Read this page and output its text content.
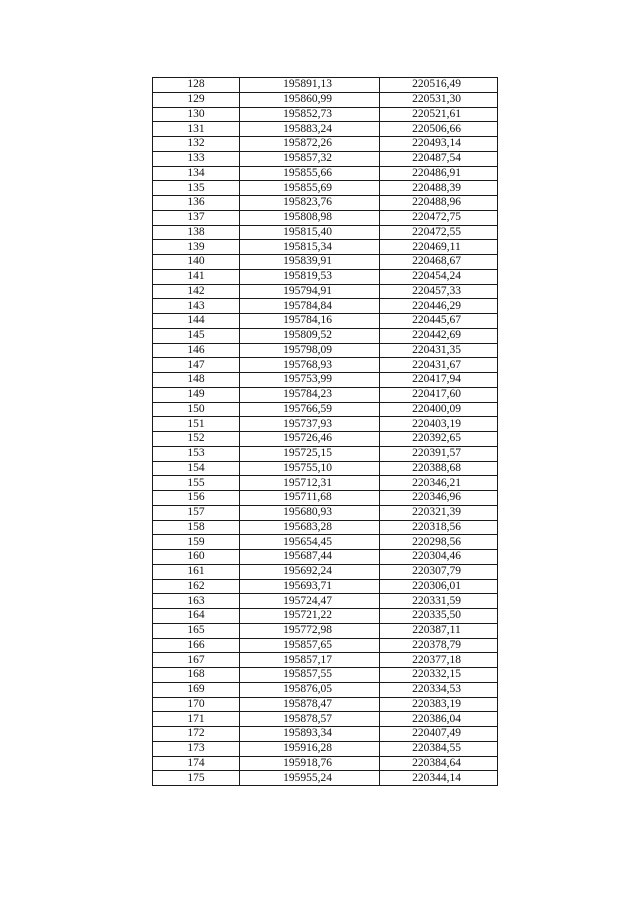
128	195891,13	220516,49
129	195860,99	220531,30
130	195852,73	220521,61
131	195883,24	220506,66
132	195872,26	220493,14
133	195857,32	220487,54
134	195855,66	220486,91
135	195855,69	220488,39
136	195823,76	220488,96
137	195808,98	220472,75
138	195815,40	220472,55
139	195815,34	220469,11
140	195839,91	220468,67
141	195819,53	220454,24
142	195794,91	220457,33
143	195784,84	220446,29
144	195784,16	220445,67
145	195809,52	220442,69
146	195798,09	220431,35
147	195768,93	220431,67
148	195753,99	220417,94
149	195784,23	220417,60
150	195766,59	220400,09
151	195737,93	220403,19
152	195726,46	220392,65
153	195725,15	220391,57
154	195755,10	220388,68
155	195712,31	220346,21
156	195711,68	220346,96
157	195680,93	220321,39
158	195683,28	220318,56
159	195654,45	220298,56
160	195687,44	220304,46
161	195692,24	220307,79
162	195693,71	220306,01
163	195724,47	220331,59
164	195721,22	220335,50
165	195772,98	220387,11
166	195857,65	220378,79
167	195857,17	220377,18
168	195857,55	220332,15
169	195876,05	220334,53
170	195878,47	220383,19
171	195878,57	220386,04
172	195893,34	220407,49
173	195916,28	220384,55
174	195918,76	220384,64
175	195955,24	220344,14
